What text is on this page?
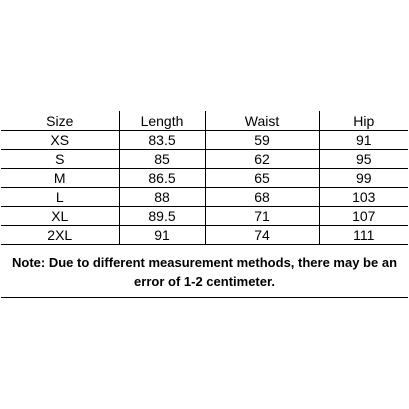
Size	Length	Waist	Hip
XS	83.5	59	91
S	85	62	95
M	86.5	65	99
L	88	68	103
XL	89.5	71	107
2XL	91	74	111
Note: Due to different measurement methods, there may be an
error of 1-2 centimeter.
